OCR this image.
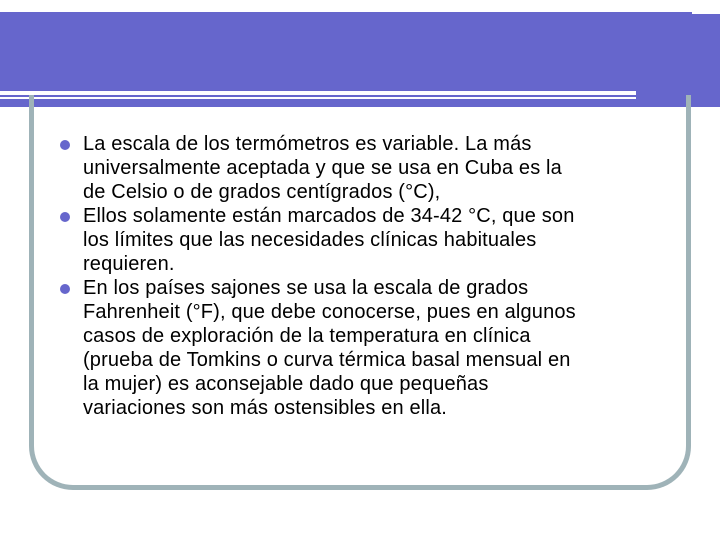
La escala de los termómetros es variable. La más
universalmente aceptada y que se usa en Cuba es la
de Celsio o de grados centígrados (°C),
Ellos solamente están marcados de 34-42 °C, que son
los límites que las necesidades clínicas habituales
requieren.
En los países sajones se usa la escala de grados
Fahrenheit (°F), que debe conocerse, pues en algunos
casos de exploración de la temperatura en clínica
(prueba de Tomkins o curva térmica basal mensual en
la mujer) es aconsejable dado que pequeñas
variaciones son más ostensibles en ella.
